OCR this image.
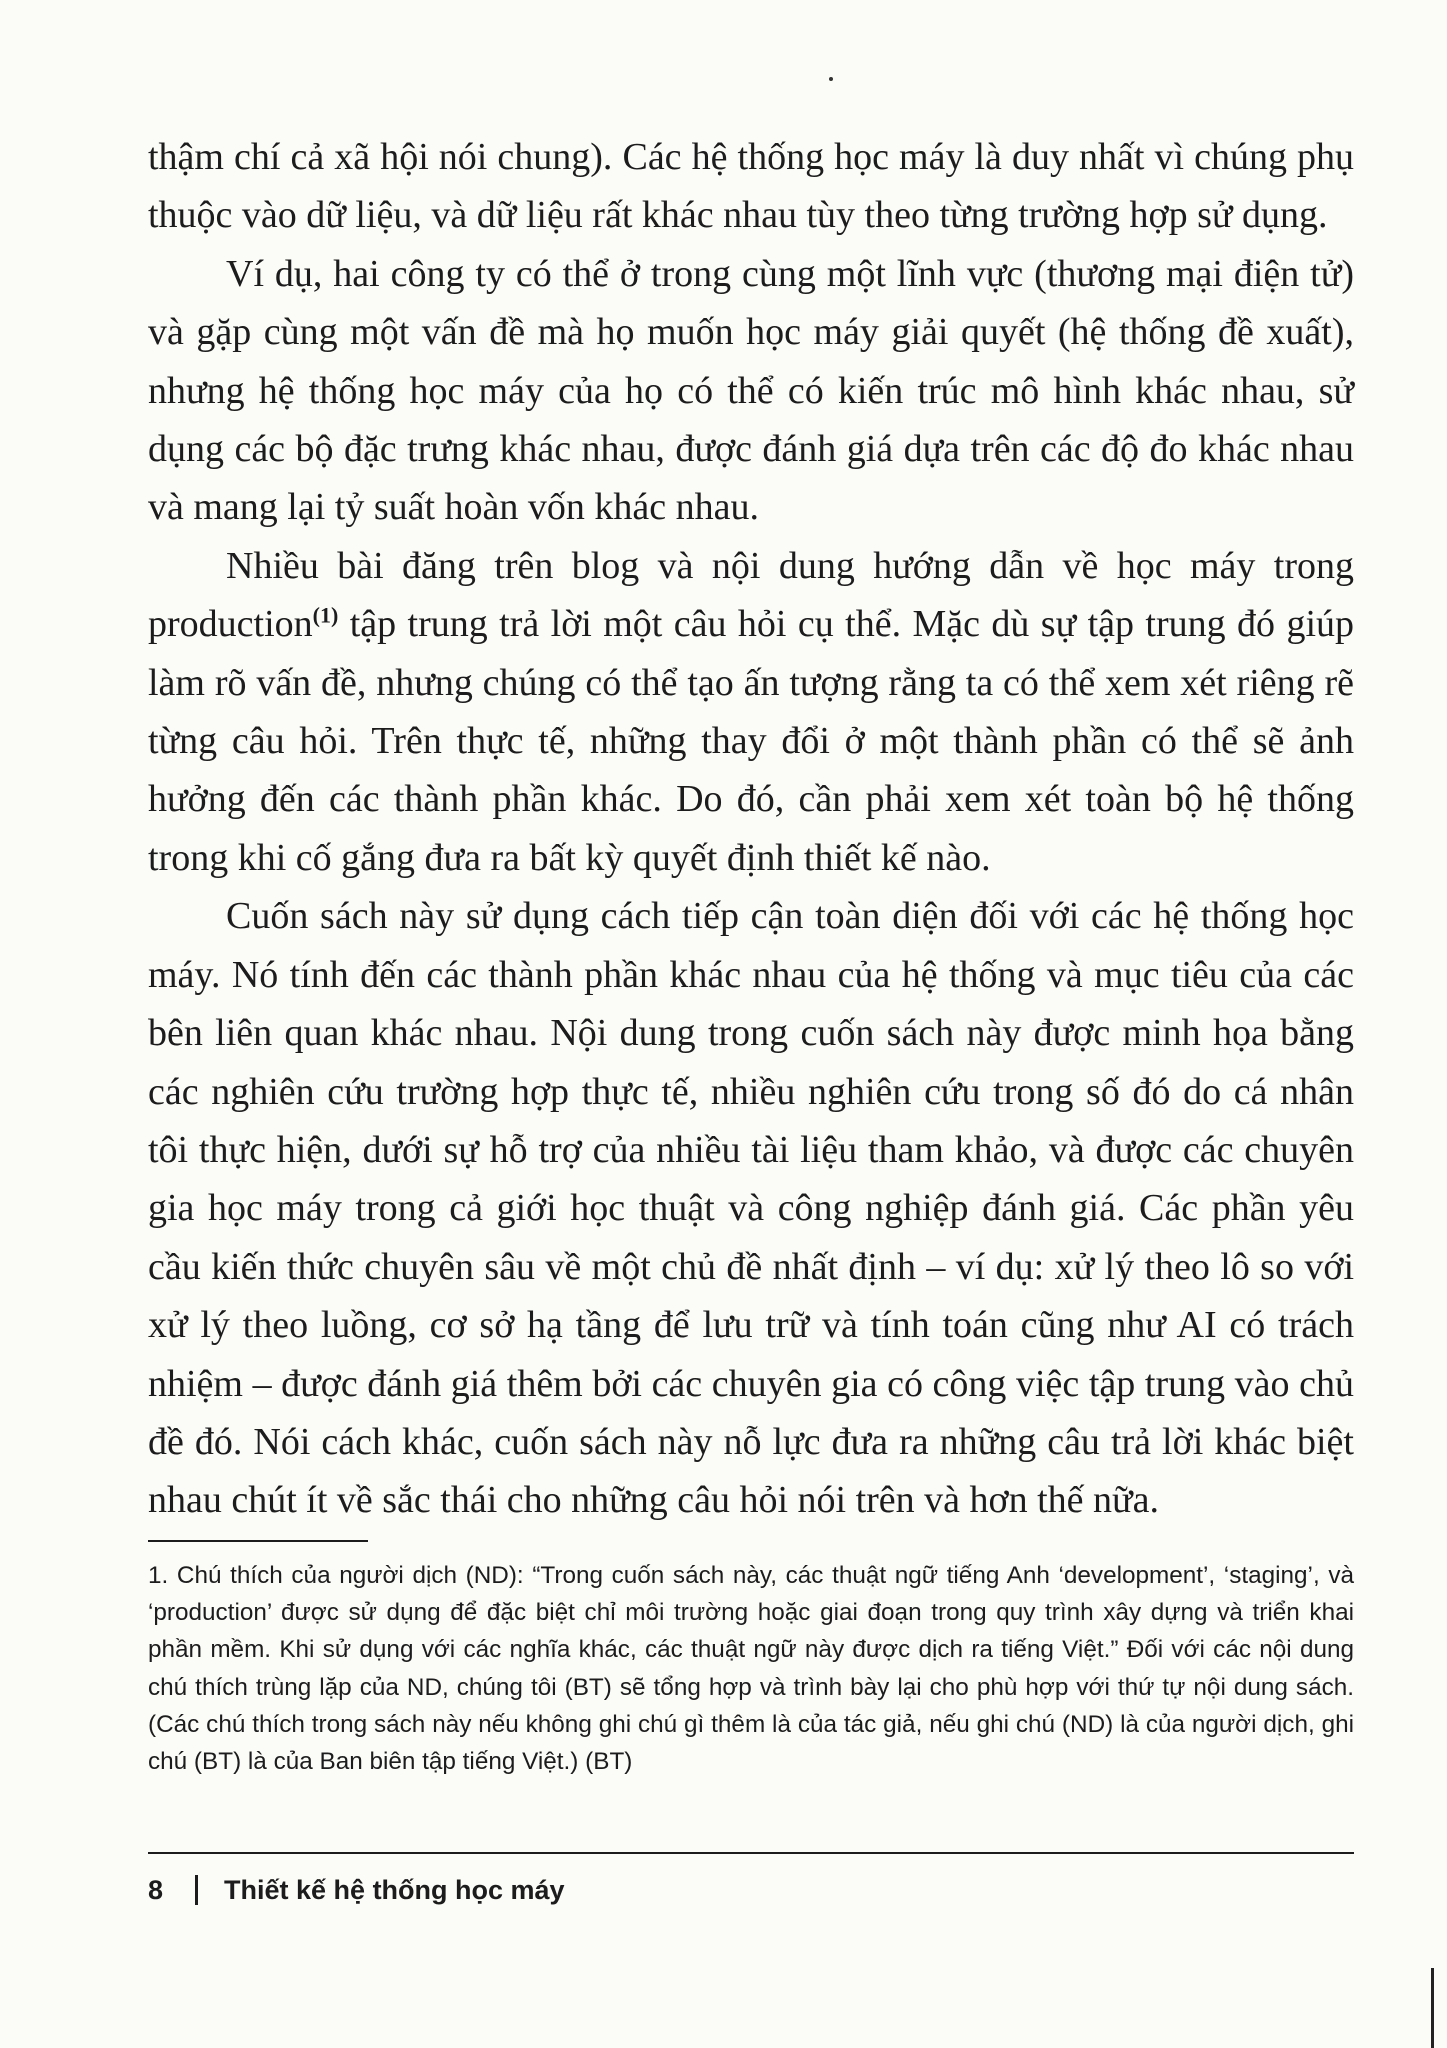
thậm chí cả xã hội nói chung). Các hệ thống học máy là duy nhất vì chúng phụ thuộc vào dữ liệu, và dữ liệu rất khác nhau tùy theo từng trường hợp sử dụng.

Ví dụ, hai công ty có thể ở trong cùng một lĩnh vực (thương mại điện tử) và gặp cùng một vấn đề mà họ muốn học máy giải quyết (hệ thống đề xuất), nhưng hệ thống học máy của họ có thể có kiến trúc mô hình khác nhau, sử dụng các bộ đặc trưng khác nhau, được đánh giá dựa trên các độ đo khác nhau và mang lại tỷ suất hoàn vốn khác nhau.

Nhiều bài đăng trên blog và nội dung hướng dẫn về học máy trong production$^{(1)}$ tập trung trả lời một câu hỏi cụ thể. Mặc dù sự tập trung đó giúp làm rõ vấn đề, nhưng chúng có thể tạo ấn tượng rằng ta có thể xem xét riêng rẽ từng câu hỏi. Trên thực tế, những thay đổi ở một thành phần có thể sẽ ảnh hưởng đến các thành phần khác. Do đó, cần phải xem xét toàn bộ hệ thống trong khi cố gắng đưa ra bất kỳ quyết định thiết kế nào.

Cuốn sách này sử dụng cách tiếp cận toàn diện đối với các hệ thống học máy. Nó tính đến các thành phần khác nhau của hệ thống và mục tiêu của các bên liên quan khác nhau. Nội dung trong cuốn sách này được minh họa bằng các nghiên cứu trường hợp thực tế, nhiều nghiên cứu trong số đó do cá nhân tôi thực hiện, dưới sự hỗ trợ của nhiều tài liệu tham khảo, và được các chuyên gia học máy trong cả giới học thuật và công nghiệp đánh giá. Các phần yêu cầu kiến thức chuyên sâu về một chủ đề nhất định – ví dụ: xử lý theo lô so với xử lý theo luồng, cơ sở hạ tầng để lưu trữ và tính toán cũng như AI có trách nhiệm – được đánh giá thêm bởi các chuyên gia có công việc tập trung vào chủ đề đó. Nói cách khác, cuốn sách này nỗ lực đưa ra những câu trả lời khác biệt nhau chút ít về sắc thái cho những câu hỏi nói trên và hơn thế nữa.

1. Chú thích của người dịch (ND): “Trong cuốn sách này, các thuật ngữ tiếng Anh ‘development’, ‘staging’, và ‘production’ được sử dụng để đặc biệt chỉ môi trường hoặc giai đoạn trong quy trình xây dựng và triển khai phần mềm. Khi sử dụng với các nghĩa khác, các thuật ngữ này được dịch ra tiếng Việt.” Đối với các nội dung chú thích trùng lặp của ND, chúng tôi (BT) sẽ tổng hợp và trình bày lại cho phù hợp với thứ tự nội dung sách. (Các chú thích trong sách này nếu không ghi chú gì thêm là của tác giả, nếu ghi chú (ND) là của người dịch, ghi chú (BT) là của Ban biên tập tiếng Việt.) (BT)
8 Thiết kế hệ thống học máy
